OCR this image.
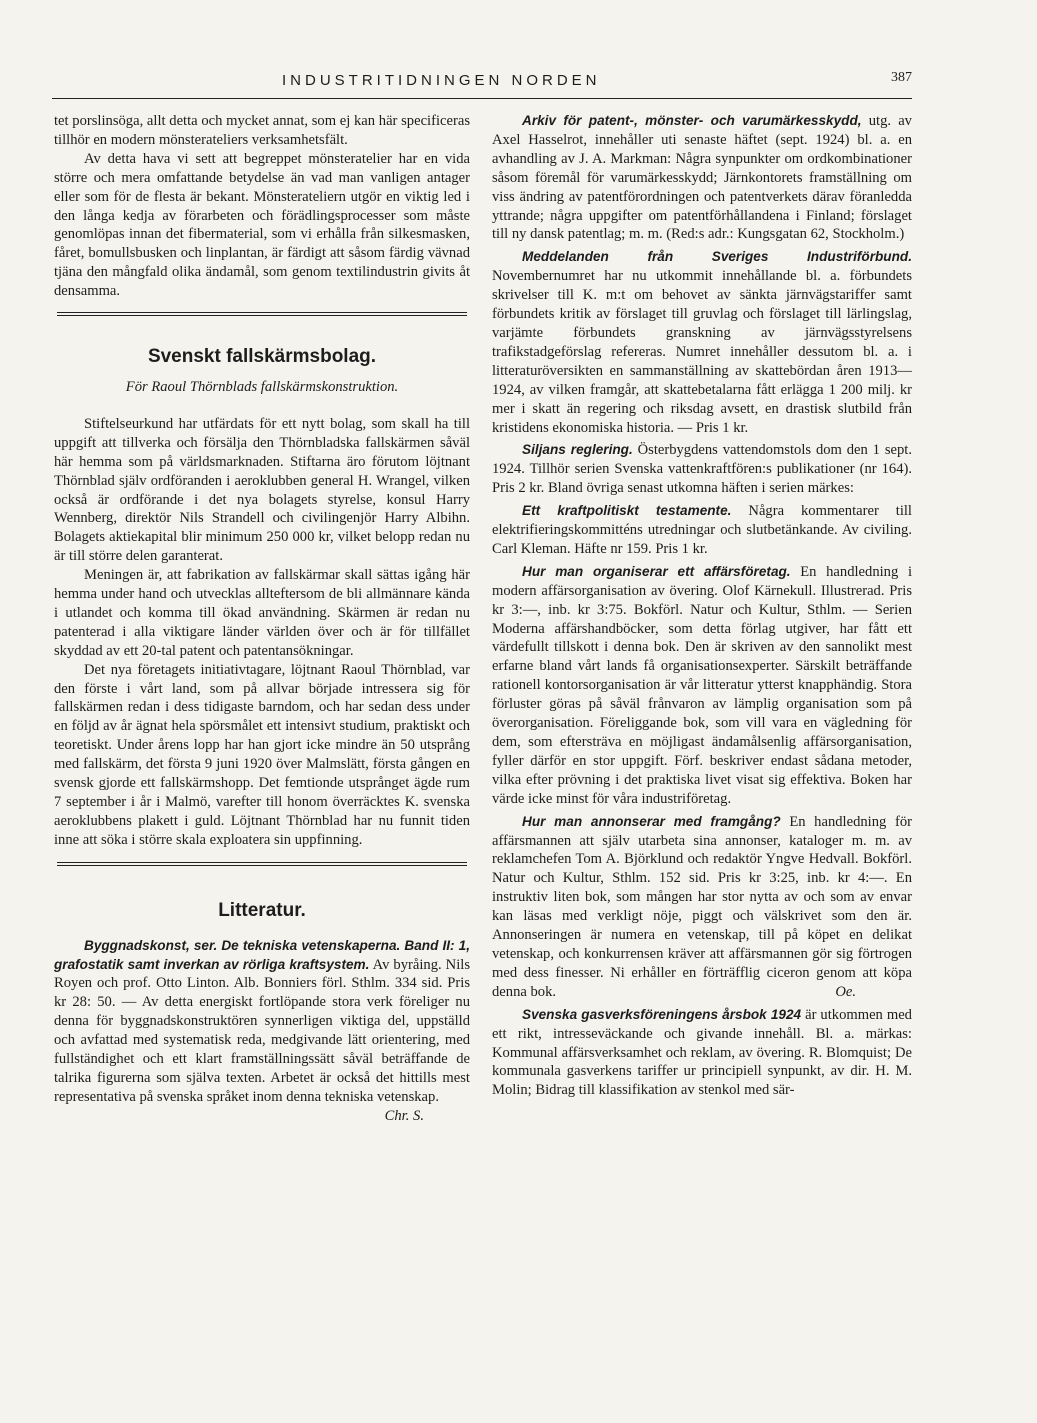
INDUSTRITIDNINGEN NORDEN	387

tet porslinsöga, allt detta och mycket annat, som ej kan här specificeras tillhör en modern mönsterateliers verksamhetsfält.

Av detta hava vi sett att begreppet mönsteratelier har en vida större och mera omfattande betydelse än vad man vanligen antager eller som för de flesta är bekant. Mönsterateliern utgör en viktig led i den långa kedja av förarbeten och förädlingsprocesser som måste genomlöpas innan det fibermaterial, som vi erhålla från silkesmasken, fåret, bomullsbusken och linplantan, är färdigt att såsom färdig vävnad tjäna den mångfald olika ändamål, som genom textilindustrin givits åt densamma.

Svenskt fallskärmsbolag.

För Raoul Thörnblads fallskärmskonstruktion.

Stiftelseurkund har utfärdats för ett nytt bolag, som skall ha till uppgift att tillverka och försälja den Thörnbladska fallskärmen såväl här hemma som på världsmarknaden. Stiftarna äro förutom löjtnant Thörnblad själv ordföranden i aeroklubben general H. Wrangel, vilken också är ordförande i det nya bolagets styrelse, konsul Harry Wennberg, direktör Nils Strandell och civilingenjör Harry Albihn. Bolagets aktiekapital blir minimum 250 000 kr, vilket belopp redan nu är till större delen garanterat.

Meningen är, att fabrikation av fallskärmar skall sättas igång här hemma under hand och utvecklas allteftersom de bli allmännare kända i utlandet och komma till ökad användning. Skärmen är redan nu patenterad i alla viktigare länder världen över och är för tillfället skyddad av ett 20-tal patent och patentansökningar.

Det nya företagets initiativtagare, löjtnant Raoul Thörnblad, var den förste i vårt land, som på allvar började intressera sig för fallskärmen redan i dess tidigaste barndom, och har sedan dess under en följd av år ägnat hela spörsmålet ett intensivt studium, praktiskt och teoretiskt. Under årens lopp har han gjort icke mindre än 50 utsprång med fallskärm, det första 9 juni 1920 över Malmslätt, första gången en svensk gjorde ett fallskärmshopp. Det femtionde utsprånget ägde rum 7 september i år i Malmö, varefter till honom överräcktes K. svenska aeroklubbens plakett i guld. Löjtnant Thörnblad har nu funnit tiden inne att söka i större skala exploatera sin uppfinning.

Litteratur.

Byggnadskonst, ser. De tekniska vetenskaperna. Band II: 1, grafostatik samt inverkan av rörliga kraftsystem. Av byråing. Nils Royen och prof. Otto Linton. Alb. Bonniers förl. Sthlm. 334 sid. Pris kr 28: 50. — Av detta energiskt fortlöpande stora verk föreliger nu denna för byggnadskonstruktören synnerligen viktiga del, uppställd och avfattad med systematisk reda, medgivande lätt orientering, med fullständighet och ett klart framställningssätt såväl beträffande de talrika figurerna som själva texten. Arbetet är också det hittills mest representativa på svenska språket inom denna tekniska vetenskap.
Chr. S.

Arkiv för patent-, mönster- och varumärkesskydd, utg. av Axel Hasselrot, innehåller uti senaste häftet (sept. 1924) bl. a. en avhandling av J. A. Markman: Några synpunkter om ordkombinationer såsom föremål för varumärkesskydd; Järnkontorets framställning om viss ändring av patentförordningen och patentverkets därav föranledda yttrande; några uppgifter om patentförhållandena i Finland; förslaget till ny dansk patentlag; m. m. (Red:s adr.: Kungsgatan 62, Stockholm.)

Meddelanden från Sveriges Industriförbund. Novembernumret har nu utkommit innehållande bl. a. förbundets skrivelser till K. m:t om behovet av sänkta järnvägstariffer samt förbundets kritik av förslaget till gruvlag och förslaget till lärlingslag, varjämte förbundets granskning av järnvägsstyrelsens trafikstadgeförslag refereras. Numret innehåller dessutom bl. a. i litteraturöversikten en sammanställning av skattebördan åren 1913—1924, av vilken framgår, att skattebetalarna fått erlägga 1 200 milj. kr mer i skatt än regering och riksdag avsett, en drastisk slutbild från kristidens ekonomiska historia. — Pris 1 kr.

Siljans reglering. Österbygdens vattendomstols dom den 1 sept. 1924. Tillhör serien Svenska vattenkraftfören:s publikationer (nr 164). Pris 2 kr. Bland övriga senast utkomna häften i serien märkes:

Ett kraftpolitiskt testamente. Några kommentarer till elektrifieringskommitténs utredningar och slutbetänkande. Av civiling. Carl Kleman. Häfte nr 159. Pris 1 kr.

Hur man organiserar ett affärsföretag. En handledning i modern affärsorganisation av övering. Olof Kärnekull. Illustrerad. Pris kr 3:—, inb. kr 3:75. Bokförl. Natur och Kultur, Sthlm. — Serien Moderna affärshandböcker, som detta förlag utgiver, har fått ett värdefullt tillskott i denna bok. Den är skriven av den sannolikt mest erfarne bland vårt lands få organisationsexperter. Särskilt beträffande rationell kontorsorganisation är vår litteratur ytterst knapphändig. Stora förluster göras på såväl frånvaron av lämplig organisation som på överorganisation. Föreliggande bok, som vill vara en vägledning för dem, som eftersträva en möjligast ändamålsenlig affärsorganisation, fyller därför en stor uppgift. Förf. beskriver endast sådana metoder, vilka efter prövning i det praktiska livet visat sig effektiva. Boken har värde icke minst för våra industriföretag.

Hur man annonserar med framgång? En handledning för affärsmannen att själv utarbeta sina annonser, kataloger m. m. av reklamchefen Tom A. Björklund och redaktör Yngve Hedvall. Bokförl. Natur och Kultur, Sthlm. 152 sid. Pris kr 3:25, inb. kr 4:—. En instruktiv liten bok, som mången har stor nytta av och som av envar kan läsas med verkligt nöje, piggt och välskrivet som den är. Annonseringen är numera en vetenskap, till på köpet en delikat vetenskap, och konkurrensen kräver att affärsmannen gör sig förtrogen med dess finesser. Ni erhåller en förträfflig ciceron genom att köpa denna bok.	Oe.

Svenska gasverksföreningens årsbok 1924 är utkommen med ett rikt, intresseväckande och givande innehåll. Bl. a. märkas: Kommunal affärsverksamhet och reklam, av övering. R. Blomquist; De kommunala gasverkens tariffer ur principiell synpunkt, av dir. H. M. Molin; Bidrag till klassifikation av stenkol med sär-
